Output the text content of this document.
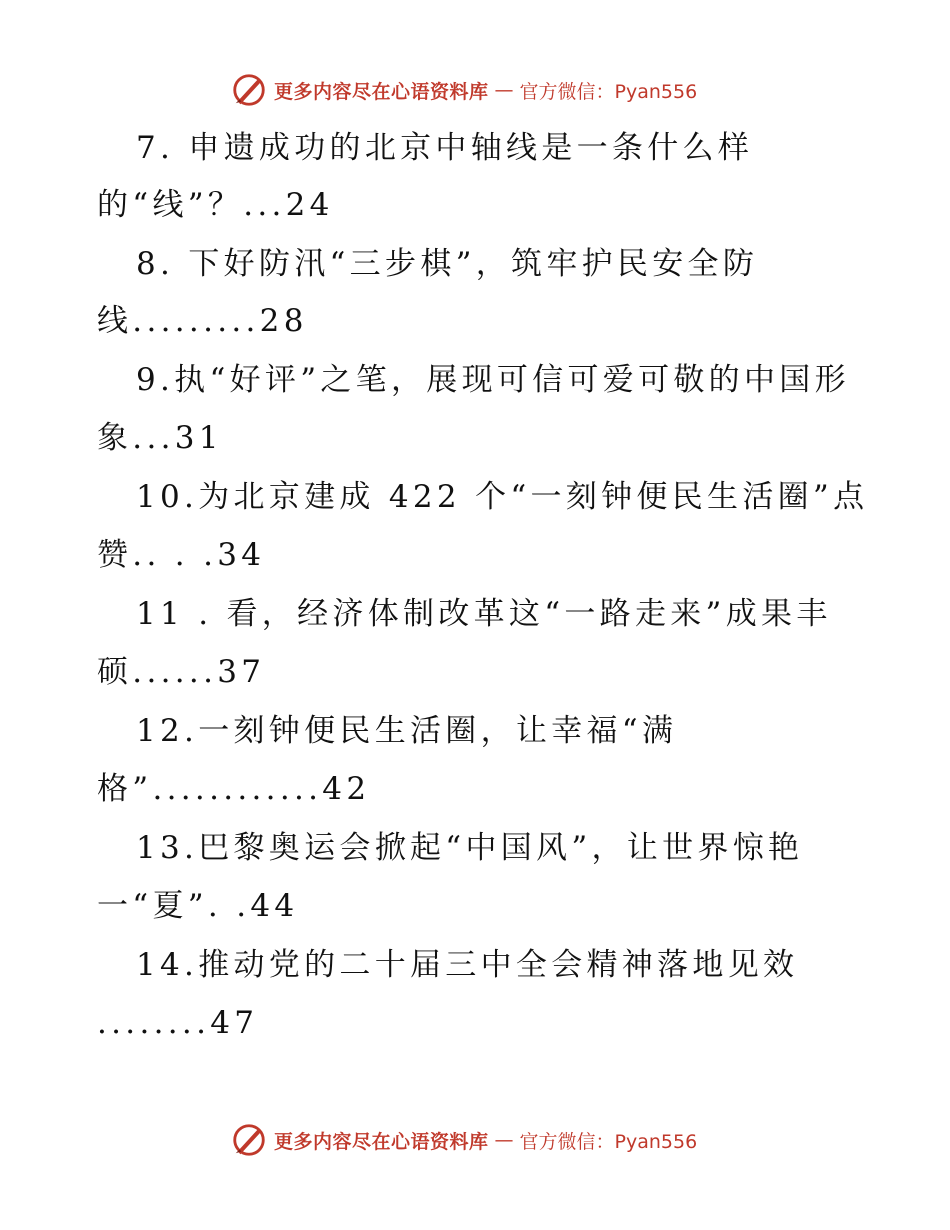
更多内容尽在心语资料库 — 官方微信：Pyan556
7. 申遗成功的北京中轴线是一条什么样
的“线”？...24
8. 下好防汛“三步棋”，筑牢护民安全防
线.........28
9.执“好评”之笔，展现可信可爱可敬的中国形
象...31
10.为北京建成 422 个“一刻钟便民生活圈”点
赞.. . .34
11 . 看，经济体制改革这“一路走来”成果丰
硕......37
12.一刻钟便民生活圈，让幸福“满
格”............42
13.巴黎奥运会掀起“中国风”，让世界惊艳
一“夏”. .44
14.推动党的二十届三中全会精神落地见效
........47
更多内容尽在心语资料库 — 官方微信：Pyan556
